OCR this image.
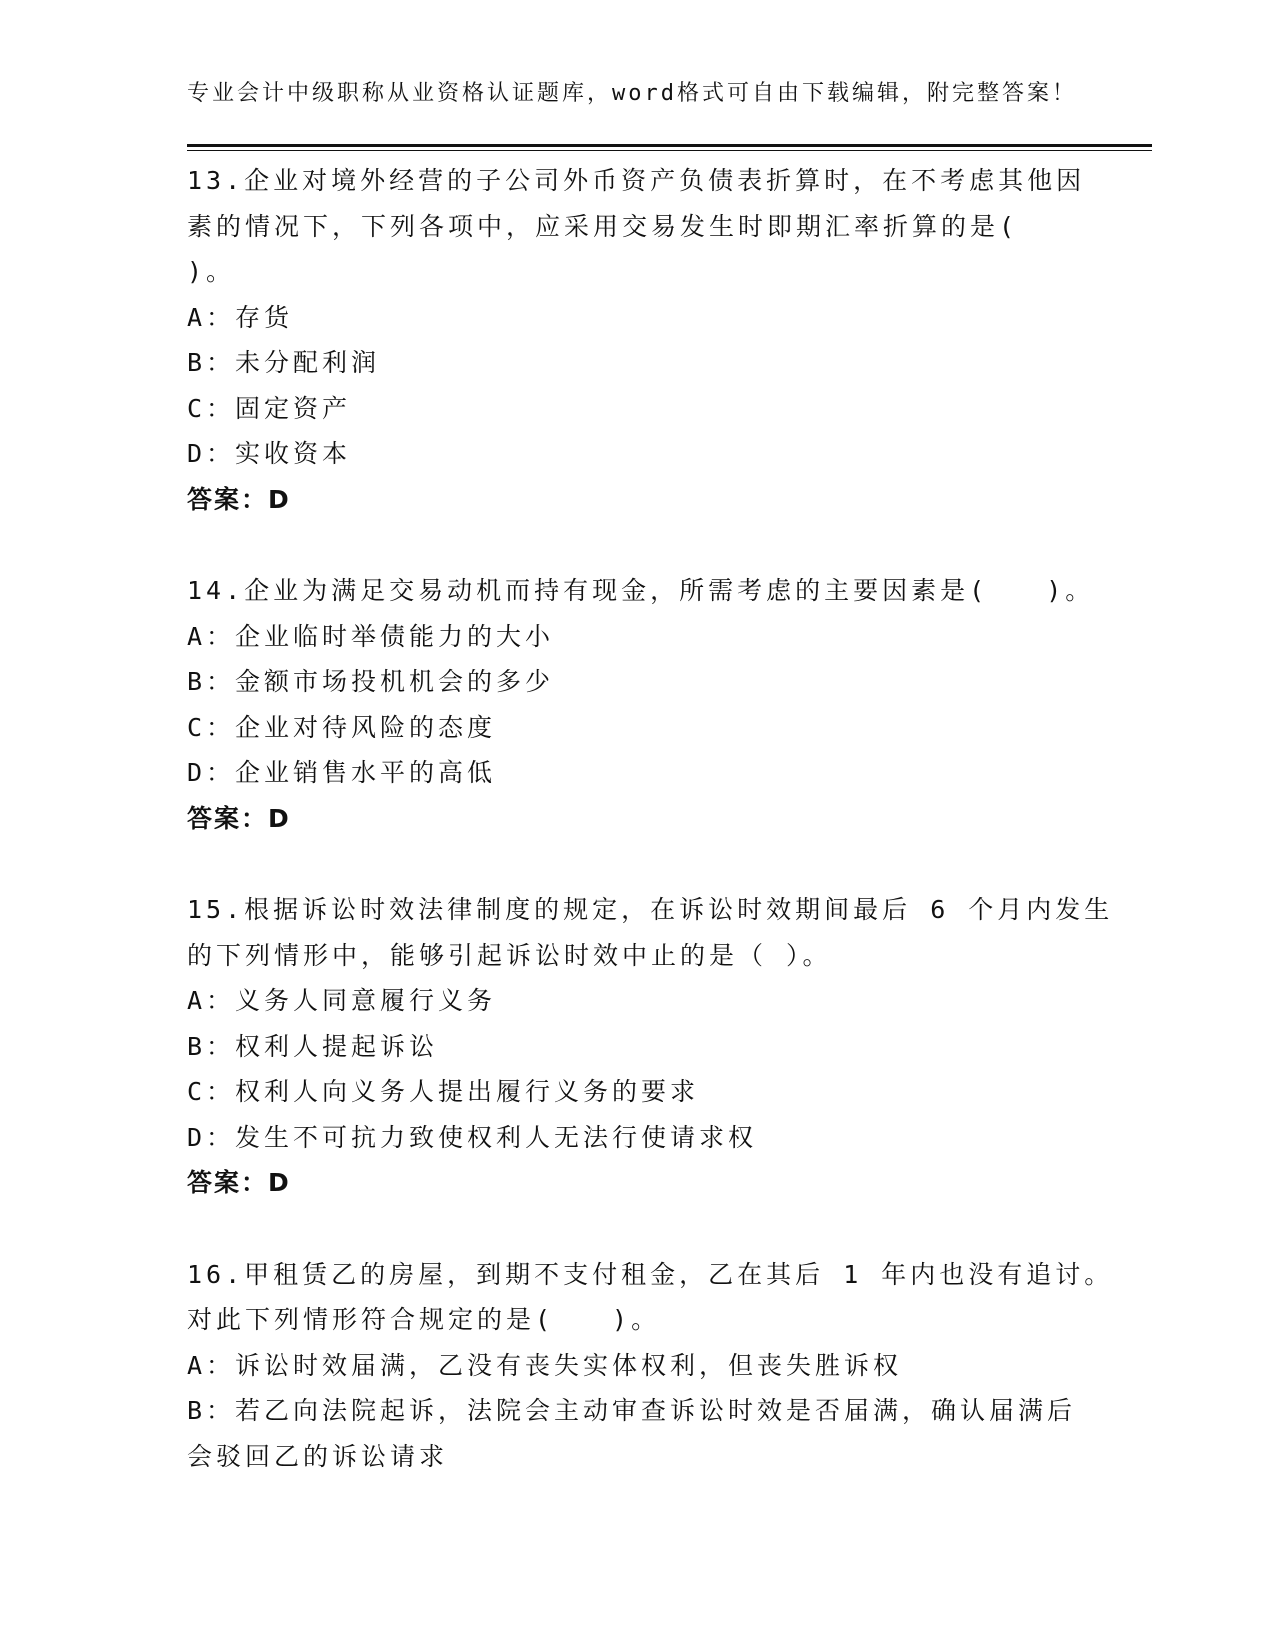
专业会计中级职称从业资格认证题库，word格式可自由下载编辑，附完整答案！
13.企业对境外经营的子公司外币资产负债表折算时，在不考虑其他因
素的情况下，下列各项中，应采用交易发生时即期汇率折算的是(
)。
A：存货
B：未分配利润
C：固定资产
D：实收资本
答案：D
14.企业为满足交易动机而持有现金，所需考虑的主要因素是(　　)。
A：企业临时举债能力的大小
B：金额市场投机机会的多少
C：企业对待风险的态度
D：企业销售水平的高低
答案：D
15.根据诉讼时效法律制度的规定，在诉讼时效期间最后 6 个月内发生
的下列情形中，能够引起诉讼时效中止的是（ ）。
A：义务人同意履行义务
B：权利人提起诉讼
C：权利人向义务人提出履行义务的要求
D：发生不可抗力致使权利人无法行使请求权
答案：D
16.甲租赁乙的房屋，到期不支付租金，乙在其后 1 年内也没有追讨。
对此下列情形符合规定的是(　　)。
A：诉讼时效届满，乙没有丧失实体权利，但丧失胜诉权
B：若乙向法院起诉，法院会主动审查诉讼时效是否届满，确认届满后
会驳回乙的诉讼请求
